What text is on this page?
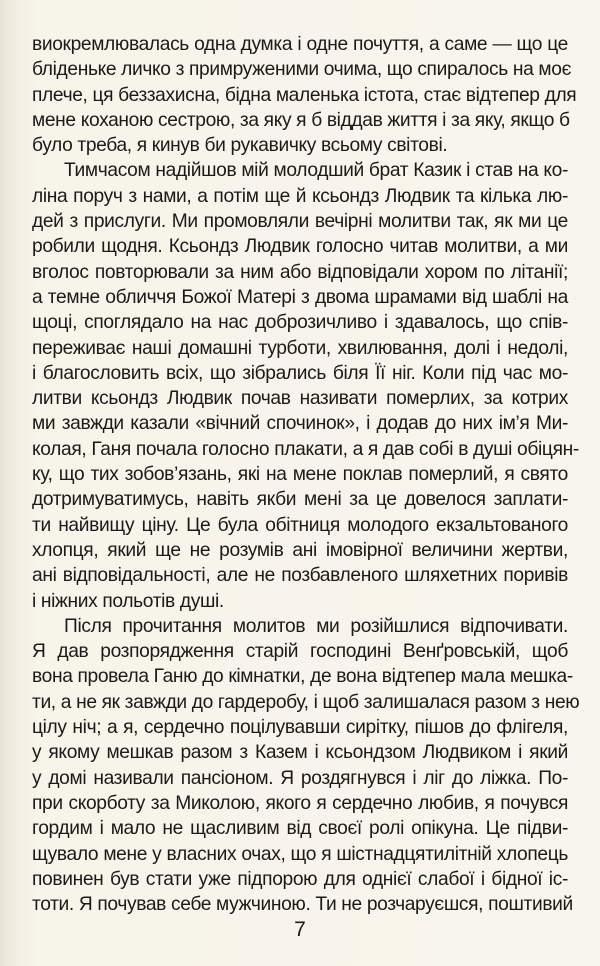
виокремлювалась одна думка і одне почуття, а саме — що це
бліденьке личко з примруженими очима, що спиралось на моє
плече, ця беззахисна, бідна маленька істота, стає відтепер для
мене коханою сестрою, за яку я б віддав життя і за яку, якщо б
було треба, я кинув би рукавичку всьому світові.
Тимчасом надійшов мій молодший брат Казик і став на ко-
ліна поруч з нами, а потім ще й ксьондз Людвик та кілька лю-
дей з прислуги. Ми промовляли вечірні молитви так, як ми це
робили щодня. Ксьондз Людвик голосно читав молитви, а ми
вголос повторювали за ним або відповідали хором по літанії;
а темне обличчя Божої Матері з двома шрамами від шаблі на
щоці, споглядало на нас доброзичливо і здавалось, що спів-
переживає наші домашні турботи, хвилювання, долі і недолі,
і благословить всіх, що зібрались біля Її ніг. Коли під час мо-
литви ксьондз Людвик почав називати померлих, за котрих
ми завжди казали «вічний спочинок», і додав до них ім’я Ми-
колая, Ганя почала голосно плакати, а я дав собі в душі обіцян-
ку, що тих зобов’язань, які на мене поклав померлий, я свято
дотримуватимусь, навіть якби мені за це довелося заплати-
ти найвищу ціну. Це була обітниця молодого екзальтованого
хлопця, який ще не розумів ані імовірної величини жертви,
ані відповідальності, але не позбавленого шляхетних поривів
і ніжних польотів душі.
Після прочитання молитов ми розійшлися відпочивати.
Я дав розпорядження старій господині Венґровській, щоб
вона провела Ганю до кімнатки, де вона відтепер мала мешка-
ти, а не як завжди до гардеробу, і щоб залишалася разом з нею
цілу ніч; а я, сердечно поцілувавши сирітку, пішов до флігеля,
у якому мешкав разом з Казем і ксьондзом Людвиком і який
у домі називали пансіоном. Я роздягнувся і ліг до ліжка. По-
при скорботу за Миколою, якого я сердечно любив, я почувся
гордим і мало не щасливим від своєї ролі опікуна. Це підви-
щувало мене у власних очах, що я шістнадцятилітній хлопець
повинен був стати уже підпорою для однієї слабої і бідної іс-
тоти. Я почував себе мужчиною. Ти не розчаруєшся, поштивий
7
